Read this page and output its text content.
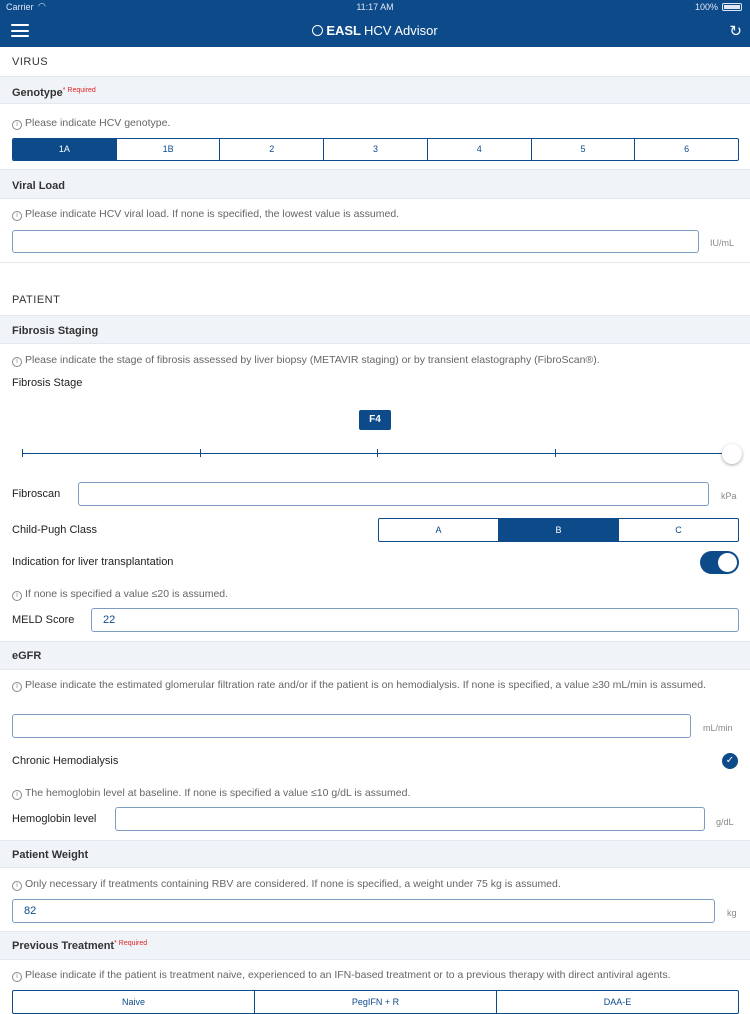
Carrier ◠	11:17 AM	100%
EASL HCV Advisor	↻
VIRUS
Genotype$^{* Required}$
i Please indicate HCV genotype.
1A	1B	2	3	4	5	6
Viral Load
i Please indicate HCV viral load. If none is specified, the lowest value is assumed.
IU/mL
PATIENT
Fibrosis Staging
i Please indicate the stage of fibrosis assessed by liver biopsy (METAVIR staging) or by transient elastography (FibroScan®).
Fibrosis Stage
F4
Fibroscan	kPa
Child-Pugh Class	A	B	C
Indication for liver transplantation
i If none is specified a value ≤20 is assumed.
MELD Score	22
eGFR
i Please indicate the estimated glomerular filtration rate and/or if the patient is on hemodialysis. If none is specified, a value ≥30 mL/min is assumed.
mL/min
Chronic Hemodialysis	✓
i The hemoglobin level at baseline. If none is specified a value ≤10 g/dL is assumed.
Hemoglobin level	g/dL
Patient Weight
i Only necessary if treatments containing RBV are considered. If none is specified, a weight under 75 kg is assumed.
82	kg
Previous Treatment$^{* Required}$
i Please indicate if the patient is treatment naive, experienced to an IFN-based treatment or to a previous therapy with direct antiviral agents.
Naive	PegIFN + R	DAA-E
